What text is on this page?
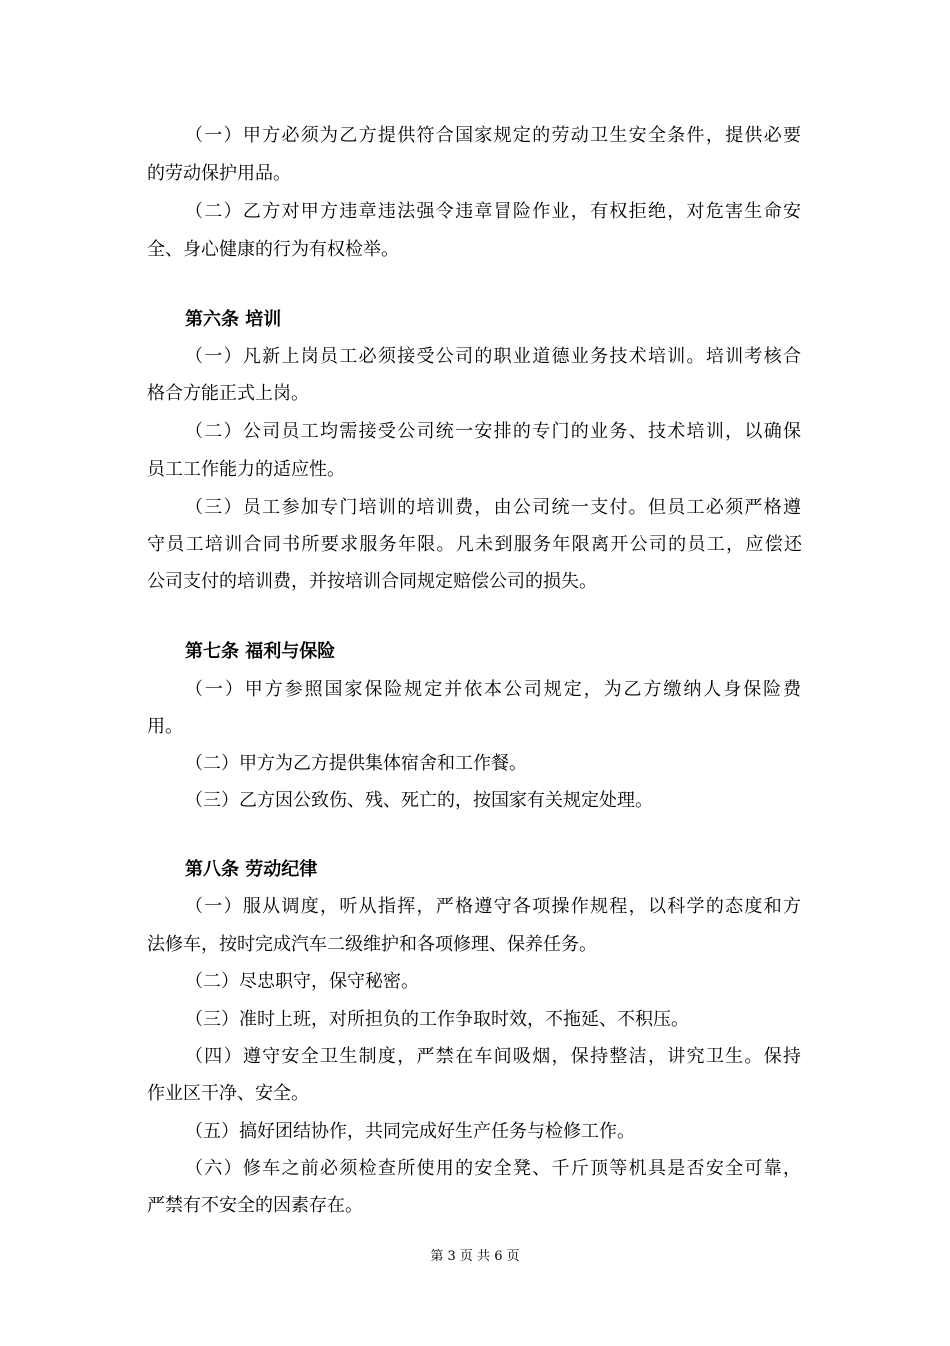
（一）甲方必须为乙方提供符合国家规定的劳动卫生安全条件，提供必要

的劳动保护用品。

（二）乙方对甲方违章违法强令违章冒险作业，有权拒绝，对危害生命安

全、身心健康的行为有权检举。

第六条 培训

（一）凡新上岗员工必须接受公司的职业道德业务技术培训。培训考核合

格合方能正式上岗。

（二）公司员工均需接受公司统一安排的专门的业务、技术培训，以确保

员工工作能力的适应性。

（三）员工参加专门培训的培训费，由公司统一支付。但员工必须严格遵

守员工培训合同书所要求服务年限。凡未到服务年限离开公司的员工，应偿还

公司支付的培训费，并按培训合同规定赔偿公司的损失。

第七条 福利与保险

（一）甲方参照国家保险规定并依本公司规定，为乙方缴纳人身保险费

用。

（二）甲方为乙方提供集体宿舍和工作餐。

（三）乙方因公致伤、残、死亡的，按国家有关规定处理。

第八条 劳动纪律

（一）服从调度，听从指挥，严格遵守各项操作规程，以科学的态度和方

法修车，按时完成汽车二级维护和各项修理、保养任务。

（二）尽忠职守，保守秘密。

（三）准时上班，对所担负的工作争取时效，不拖延、不积压。

（四）遵守安全卫生制度，严禁在车间吸烟，保持整洁，讲究卫生。保持

作业区干净、安全。

（五）搞好团结协作，共同完成好生产任务与检修工作。

（六）修车之前必须检查所使用的安全凳、千斤顶等机具是否安全可靠，

严禁有不安全的因素存在。

第 3 页 共 6 页
